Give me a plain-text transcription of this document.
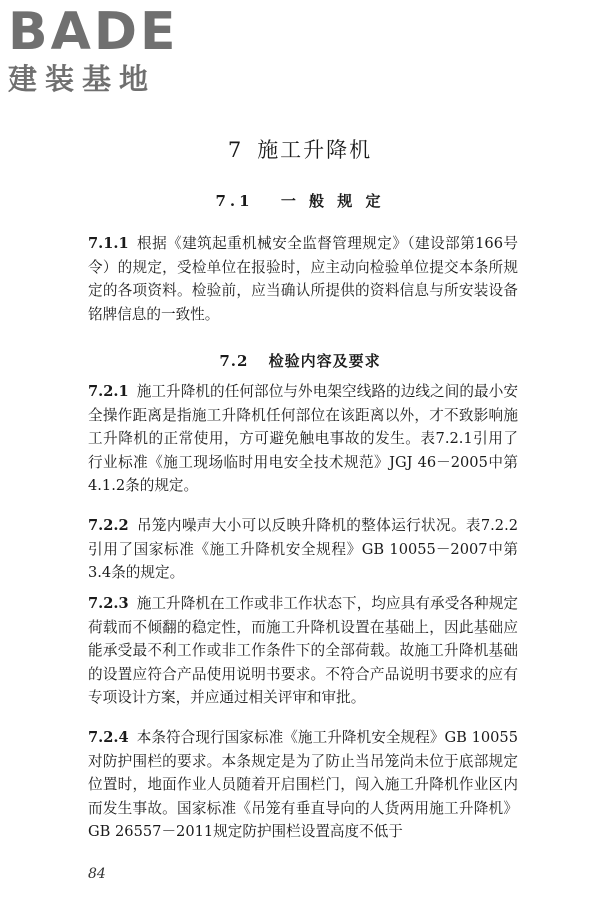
BADE
建装基地
7 施工升降机
7.1 一 般 规 定
7.1.1 根据《建筑起重机械安全监督管理规定》（建设部第166号令）的规定，受检单位在报验时，应主动向检验单位提交本条所规定的各项资料。检验前，应当确认所提供的资料信息与所安装设备铭牌信息的一致性。
7.2 检验内容及要求
7.2.1 施工升降机的任何部位与外电架空线路的边线之间的最小安全操作距离是指施工升降机任何部位在该距离以外，才不致影响施工升降机的正常使用，方可避免触电事故的发生。表7.2.1引用了行业标准《施工现场临时用电安全技术规范》JGJ 46－2005中第4.1.2条的规定。
7.2.2 吊笼内噪声大小可以反映升降机的整体运行状况。表7.2.2引用了国家标准《施工升降机安全规程》GB 10055－2007中第3.4条的规定。
7.2.3 施工升降机在工作或非工作状态下，均应具有承受各种规定荷载而不倾翻的稳定性，而施工升降机设置在基础上，因此基础应能承受最不利工作或非工作条件下的全部荷载。故施工升降机基础的设置应符合产品使用说明书要求。不符合产品说明书要求的应有专项设计方案，并应通过相关评审和审批。
7.2.4 本条符合现行国家标准《施工升降机安全规程》GB 10055对防护围栏的要求。本条规定是为了防止当吊笼尚未位于底部规定位置时，地面作业人员随着开启围栏门，闯入施工升降机作业区内而发生事故。国家标准《吊笼有垂直导向的人货两用施工升降机》GB 26557－2011规定防护围栏设置高度不低于
84
